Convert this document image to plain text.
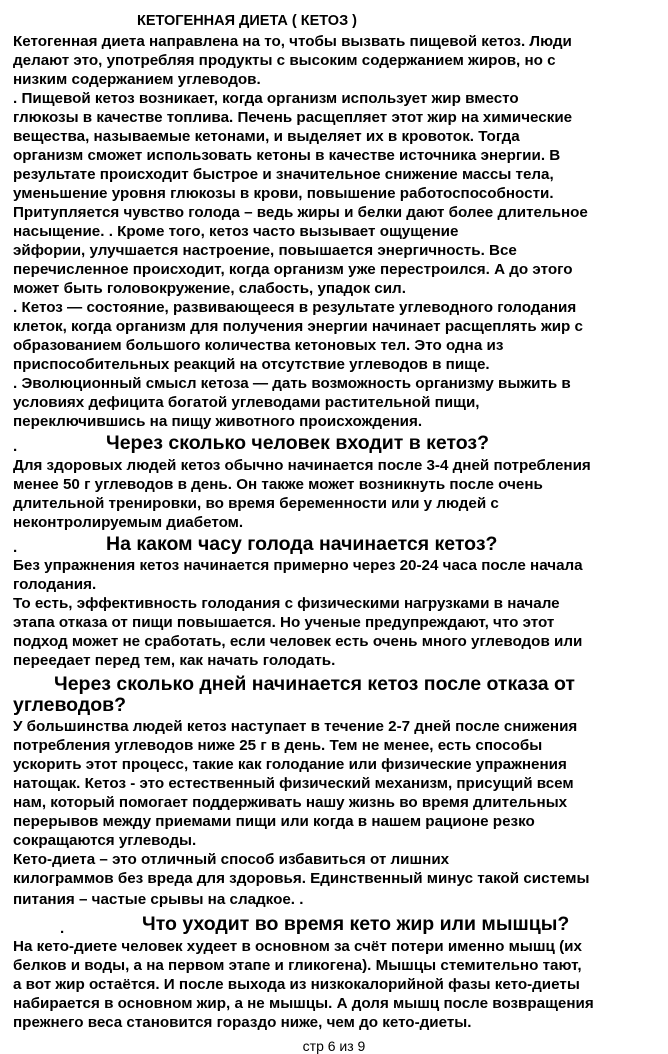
КЕТОГЕННАЯ ДИЕТА ( КЕТОЗ )
Кетогенная диета направлена на то, чтобы вызвать пищевой кетоз. Люди
делают это, употребляя продукты с высоким содержанием жиров, но с
низким содержанием углеводов.
. Пищевой кетоз возникает, когда организм использует жир вместо
глюкозы в качестве топлива. Печень расщепляет этот жир на химические
вещества, называемые кетонами, и выделяет их в кровоток. Тогда
организм сможет использовать кетоны в качестве источника энергии. В
результате происходит быстрое и значительное снижение массы тела,
уменьшение уровня глюкозы в крови, повышение работоспособности.
Притупляется чувство голода – ведь жиры и белки дают более длительное
насыщение. . Кроме того, кетоз часто вызывает ощущение
эйфории, улучшается настроение, повышается энергичность. Все
перечисленное происходит, когда организм уже перестроился. А до этого
может быть головокружение, слабость, упадок сил.
. Кетоз — состояние, развивающееся в результате углеводного голодания
клеток, когда организм для получения энергии начинает расщеплять жир с
образованием большого количества кетоновых тел. Это одна из
приспособительных реакций на отсутствие углеводов в пище.
. Эволюционный смысл кетоза — дать возможность организму выжить в
условиях дефицита богатой углеводами растительной пищи,
переключившись на пищу животного происхождения.
.	Через сколько человек входит в кетоз?
Для здоровых людей кетоз обычно начинается после 3-4 дней потребления
менее 50 г углеводов в день. Он также может возникнуть после очень
длительной тренировки, во время беременности или у людей с
неконтролируемым диабетом.
.	На каком часу голода начинается кетоз?
Без упражнения кетоз начинается примерно через 20-24 часа после начала
голодания.
То есть, эффективность голодания с физическими нагрузками в начале
этапа отказа от пищи повышается. Но ученые предупреждают, что этот
подход может не сработать, если человек есть очень много углеводов или
переедает перед тем, как начать голодать.
Через сколько дней начинается кетоз после отказа от
углеводов?
У большинства людей кетоз наступает в течение 2-7 дней после снижения
потребления углеводов ниже 25 г в день. Тем не менее, есть способы
ускорить этот процесс, такие как голодание или физические упражнения
натощак. Кетоз - это естественный физический механизм, присущий всем
нам, который помогает поддерживать нашу жизнь во время длительных
перерывов между приемами пищи или когда в нашем рационе резко
сокращаются углеводы.
Кето-диета – это отличный способ избавиться от лишних
килограммов без вреда для здоровья. Единственный минус такой системы
питания – частые срывы на сладкое. .
.	Что уходит во время кето жир или мышцы?
На кето-диете человек худеет в основном за счёт потери именно мышц (их
белков и воды, а на первом этапе и гликогена). Мышцы стемительно тают,
а вот жир остаётся. И после выхода из низкокалорийной фазы кето-диеты
набирается в основном жир, а не мышцы. А доля мышц после возвращения
прежнего веса становится гораздо ниже, чем до кето-диеты.
стр 6 из 9
